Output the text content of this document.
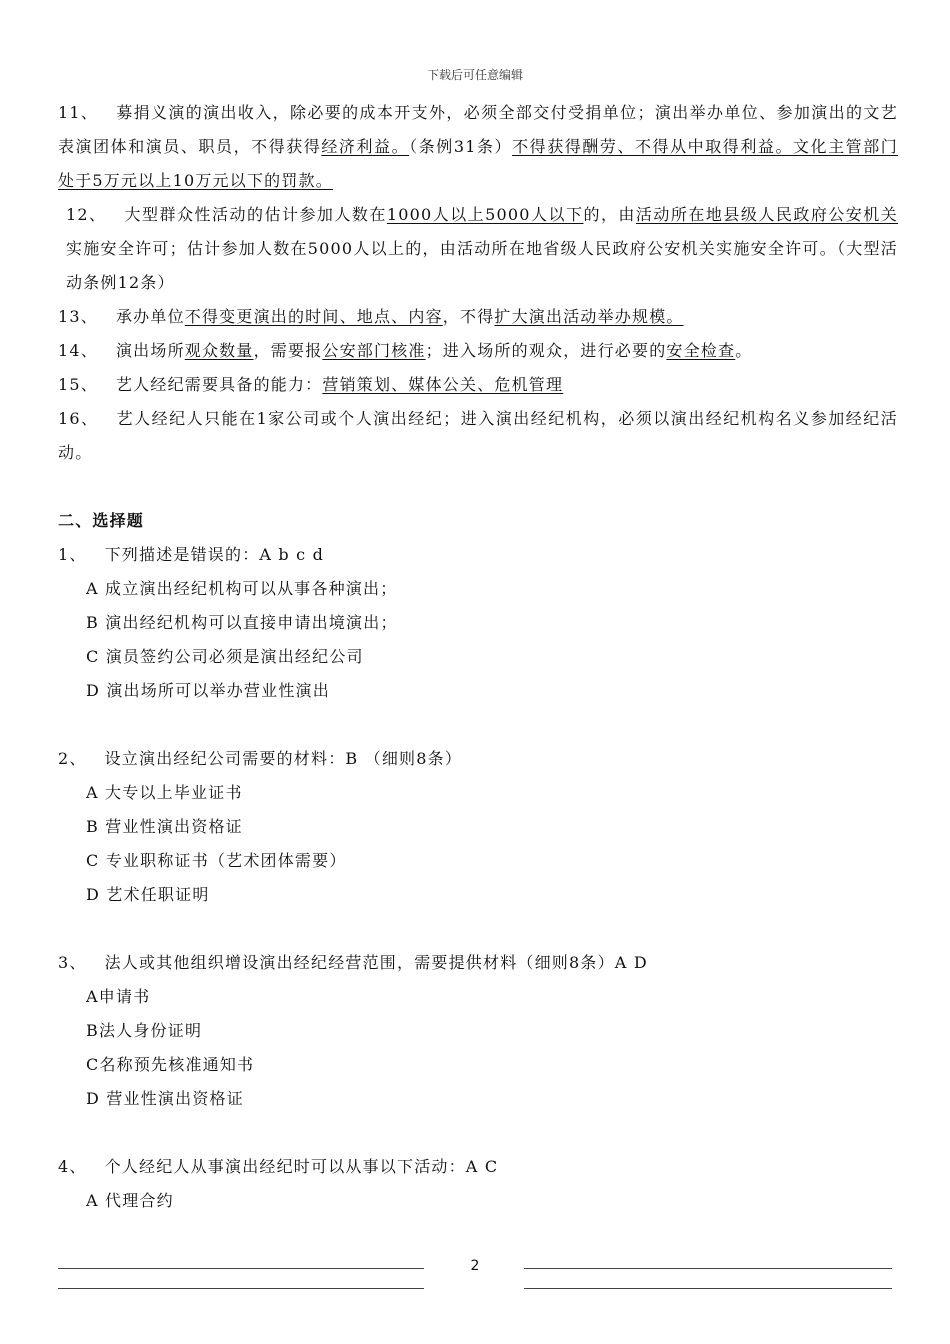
下载后可任意编辑

11、 募捐义演的演出收入，除必要的成本开支外，必须全部交付受捐单位；演出举办单位、参加演出的文艺表演团体和演员、职员，不得获得经济利益。（条例31条）不得获得酬劳、不得从中取得利益。文化主管部门处于5万元以上10万元以下的罚款。

12、 大型群众性活动的估计参加人数在1000人以上5000人以下的，由活动所在地县级人民政府公安机关实施安全许可；估计参加人数在5000人以上的，由活动所在地省级人民政府公安机关实施安全许可。（大型活动条例12条）

13、 承办单位不得变更演出的时间、地点、内容，不得扩大演出活动举办规模。

14、 演出场所观众数量，需要报公安部门核准；进入场所的观众，进行必要的安全检查。

15、 艺人经纪需要具备的能力：营销策划、媒体公关、危机管理

16、 艺人经纪人只能在1家公司或个人演出经纪；进入演出经纪机构，必须以演出经纪机构名义参加经纪活动。

二、选择题

1、 下列描述是错误的：A b c d

A 成立演出经纪机构可以从事各种演出；

B 演出经纪机构可以直接申请出境演出；

C 演员签约公司必须是演出经纪公司

D 演出场所可以举办营业性演出

2、 设立演出经纪公司需要的材料：B （细则8条）

A 大专以上毕业证书

B 营业性演出资格证

C 专业职称证书（艺术团体需要）

D 艺术任职证明

3、 法人或其他组织增设演出经纪经营范围，需要提供材料（细则8条）A D

A申请书

B法人身份证明

C名称预先核准通知书

D 营业性演出资格证

4、 个人经纪人从事演出经纪时可以从事以下活动：A C

A 代理合约

2
